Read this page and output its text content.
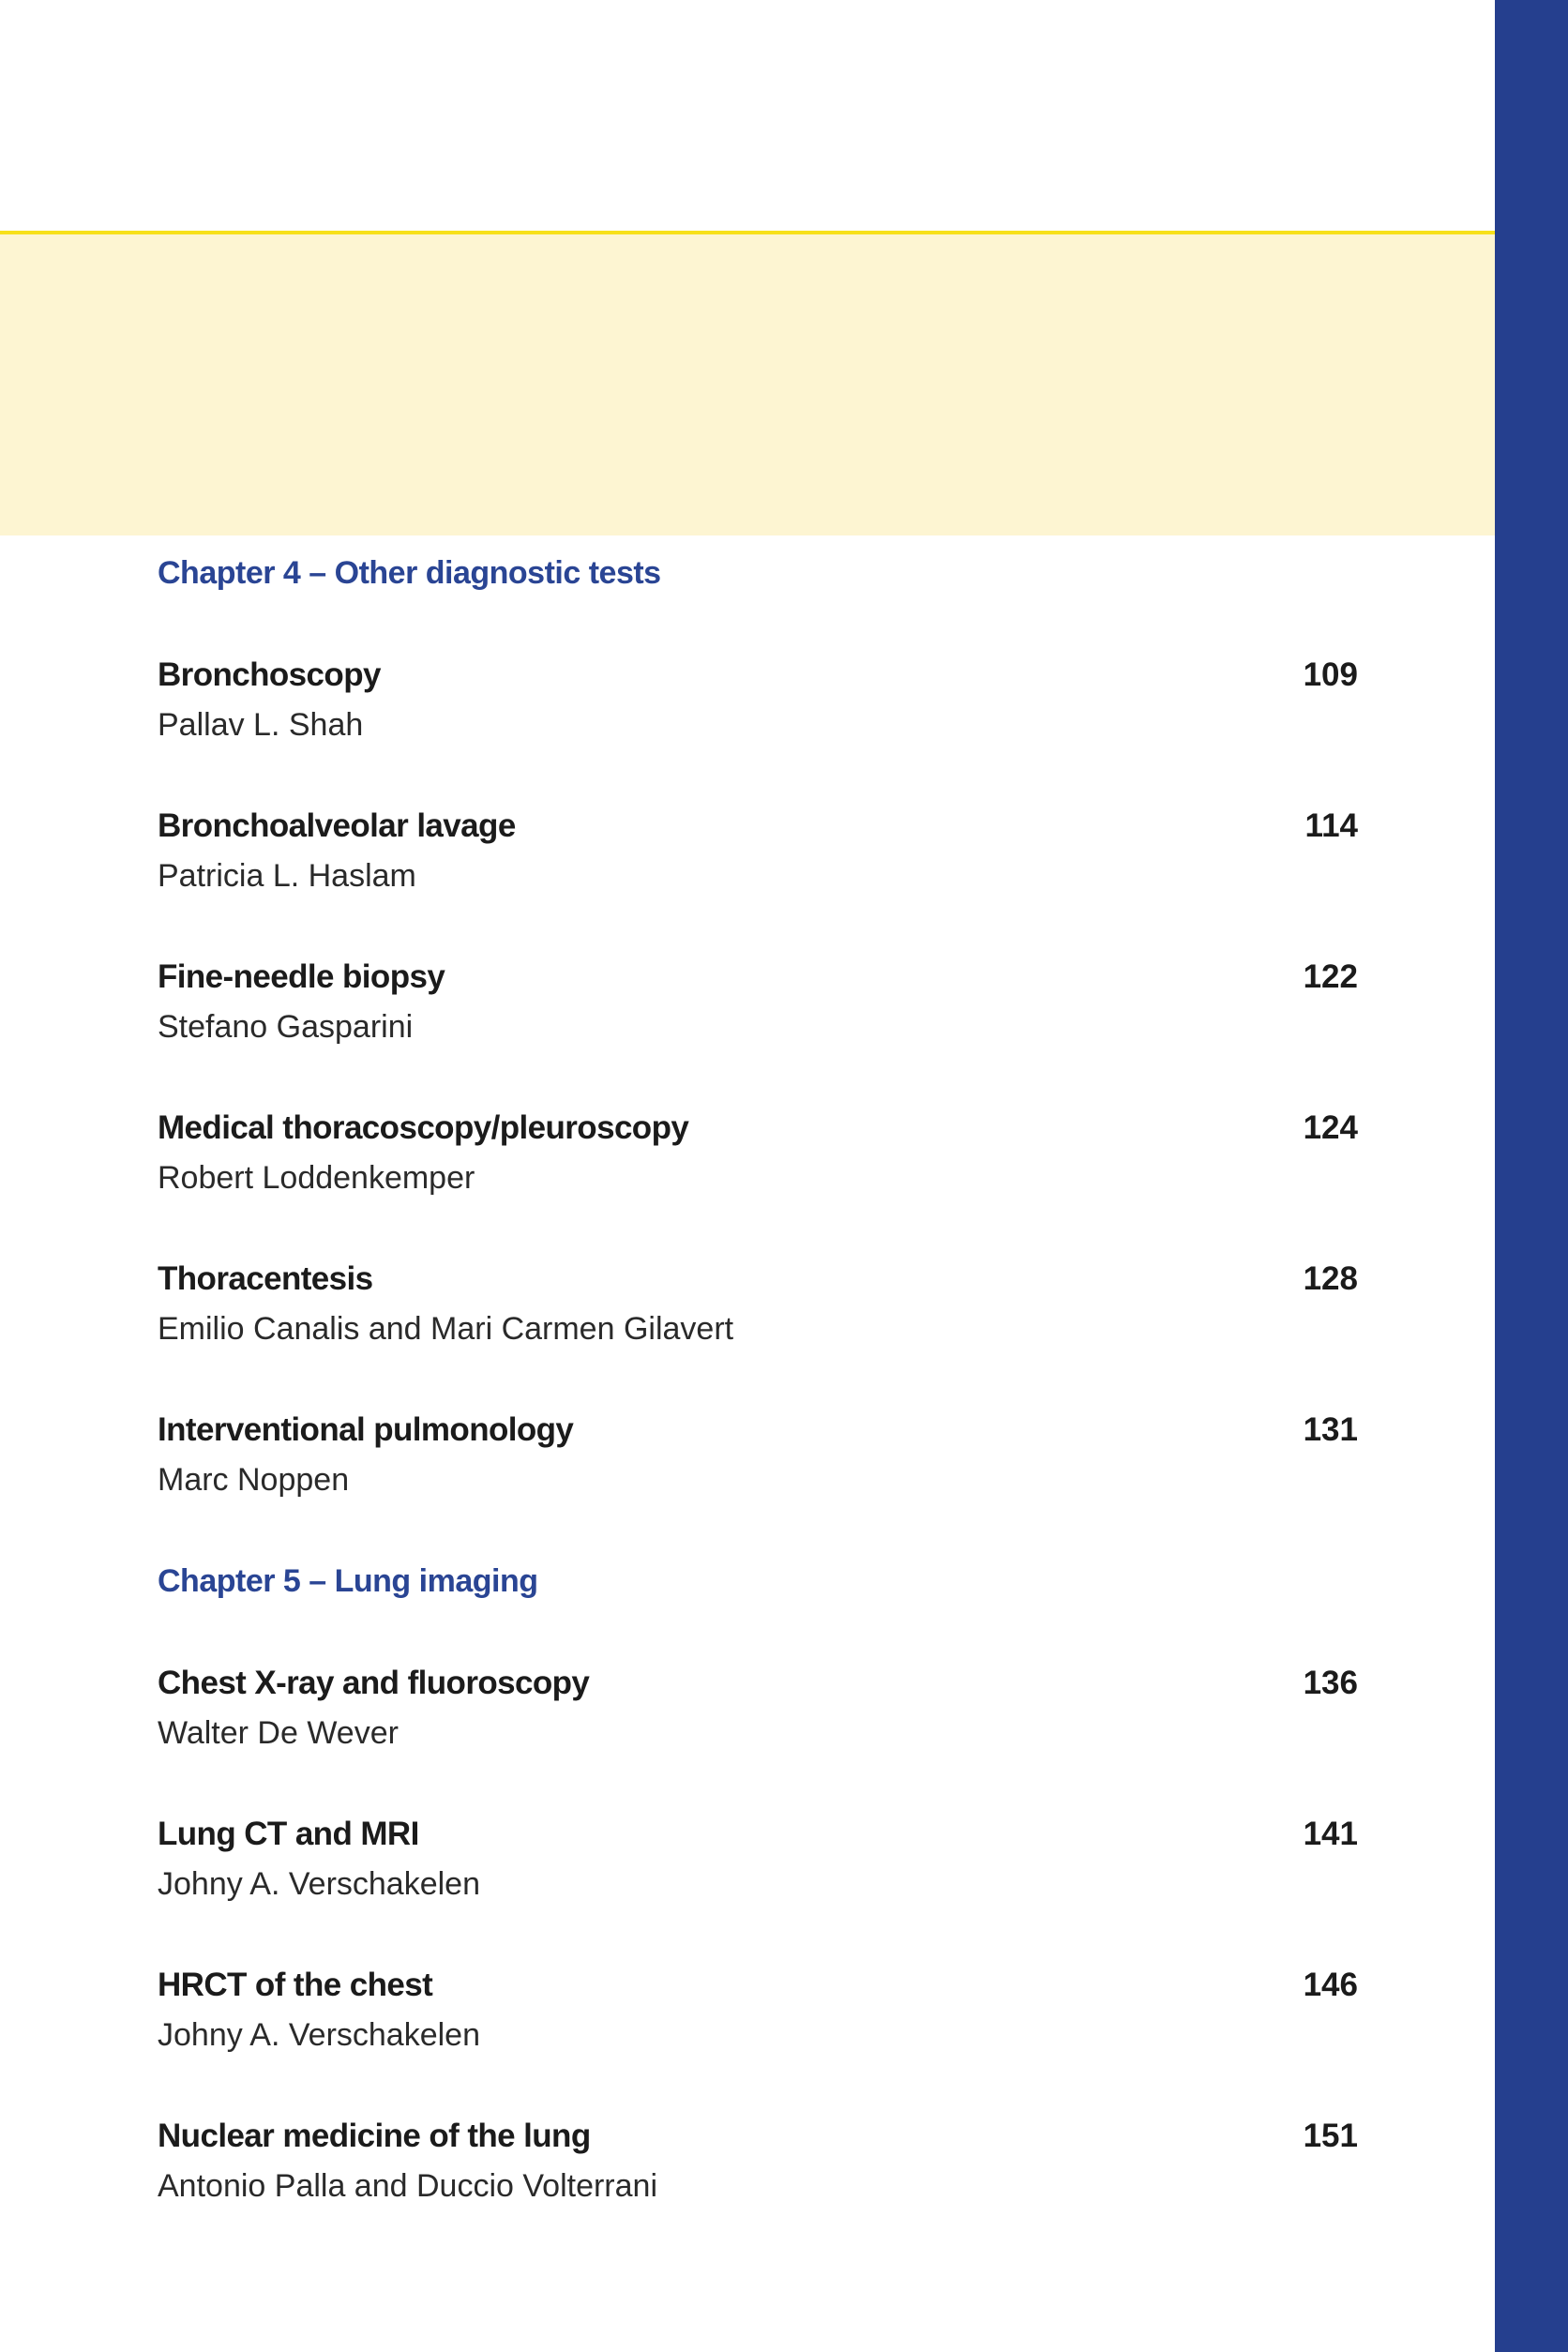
Chapter 4 – Other diagnostic tests
Bronchoscopy	109
Pallav L. Shah
Bronchoalveolar lavage	114
Patricia L. Haslam
Fine-needle biopsy	122
Stefano Gasparini
Medical thoracoscopy/pleuroscopy	124
Robert Loddenkemper
Thoracentesis	128
Emilio Canalis and Mari Carmen Gilavert
Interventional pulmonology	131
Marc Noppen
Chapter 5 – Lung imaging
Chest X-ray and fluoroscopy	136
Walter De Wever
Lung CT and MRI	141
Johny A. Verschakelen
HRCT of the chest	146
Johny A. Verschakelen
Nuclear medicine of the lung	151
Antonio Palla and Duccio Volterrani
